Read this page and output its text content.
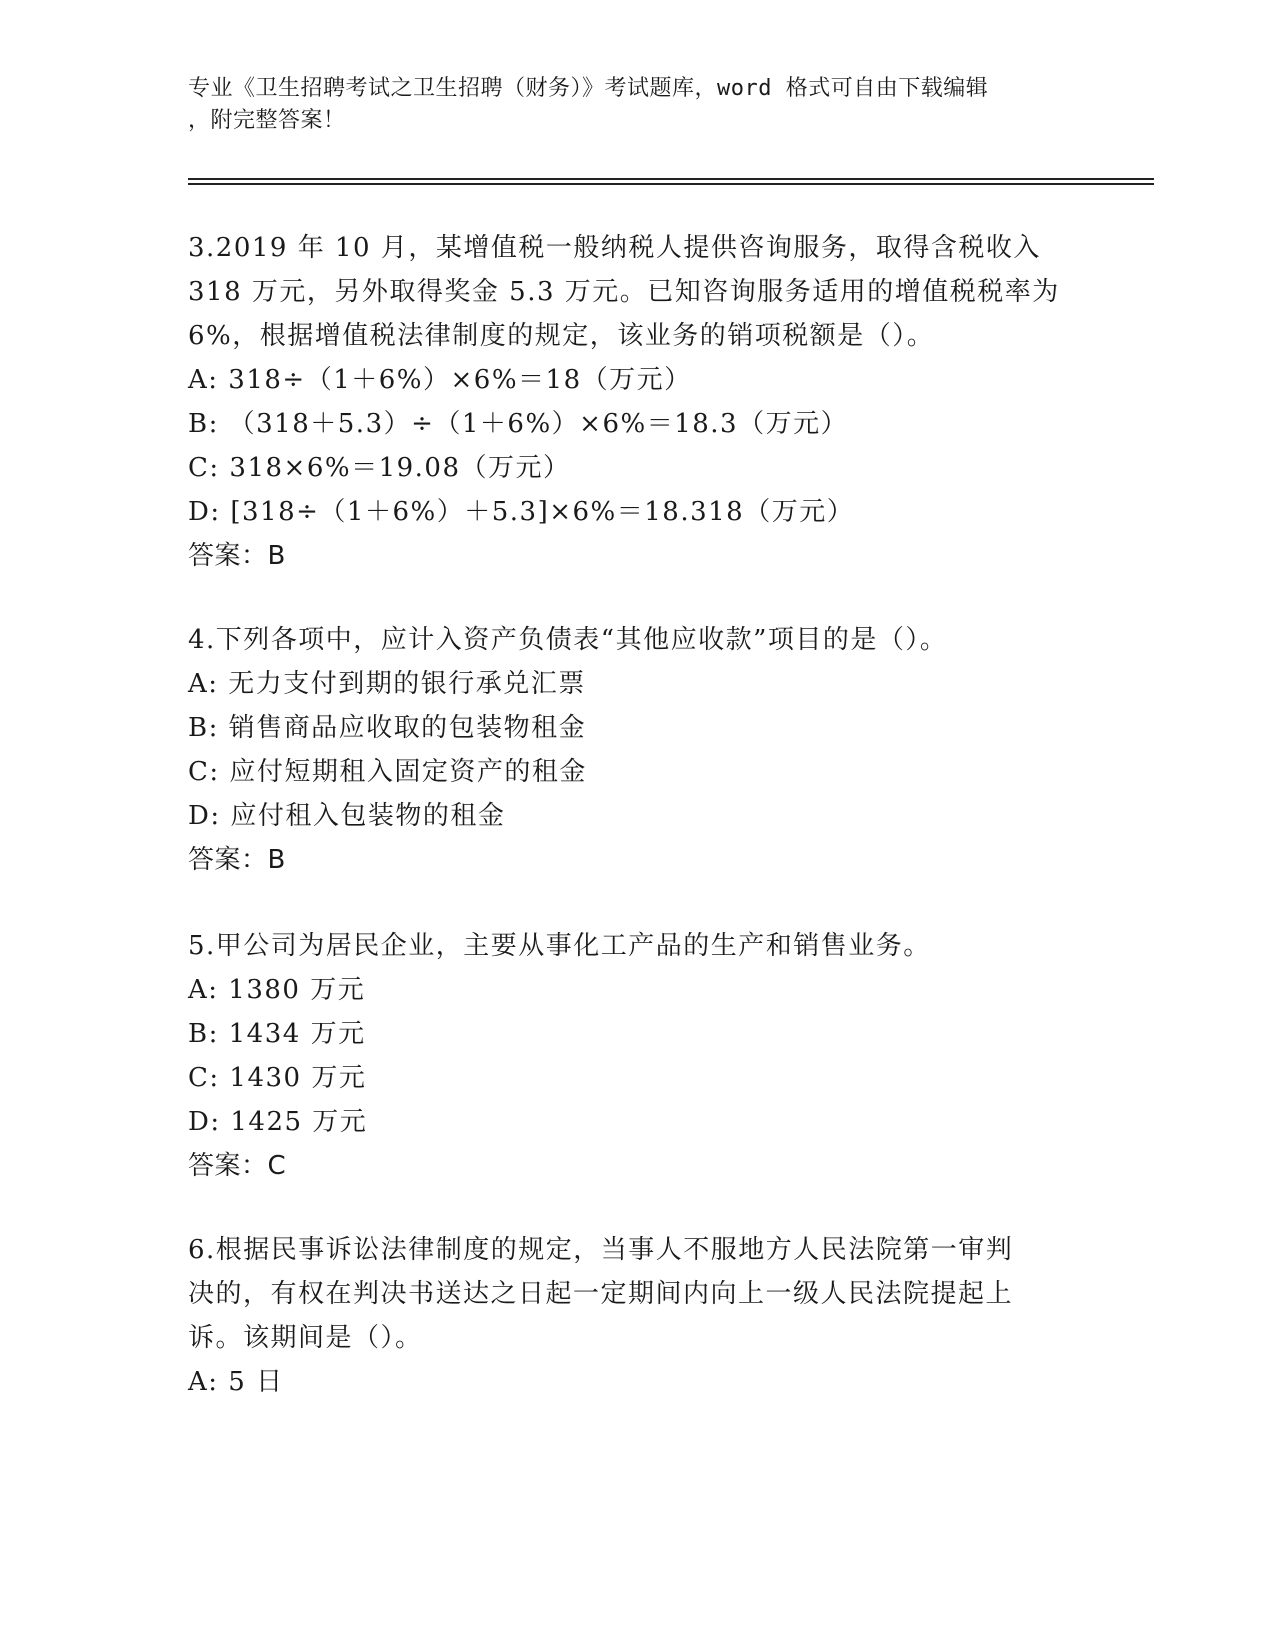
专业《卫生招聘考试之卫生招聘（财务）》考试题库，word 格式可自由下载编辑
，附完整答案！
3.2019 年 10 月，某增值税一般纳税人提供咨询服务，取得含税收入
318 万元，另外取得奖金 5.3 万元。已知咨询服务适用的增值税税率为
6%，根据增值税法律制度的规定，该业务的销项税额是（）。
A: 318÷（1＋6%）×6%＝18（万元）
B: （318＋5.3）÷（1＋6%）×6%＝18.3（万元）
C: 318×6%＝19.08（万元）
D: [318÷（1＋6%）＋5.3]×6%＝18.318（万元）
答案：B
4.下列各项中，应计入资产负债表“其他应收款”项目的是（）。
A: 无力支付到期的银行承兑汇票
B: 销售商品应收取的包装物租金
C: 应付短期租入固定资产的租金
D: 应付租入包装物的租金
答案：B
5.甲公司为居民企业，主要从事化工产品的生产和销售业务。
A: 1380 万元
B: 1434 万元
C: 1430 万元
D: 1425 万元
答案：C
6.根据民事诉讼法律制度的规定，当事人不服地方人民法院第一审判
决的，有权在判决书送达之日起一定期间内向上一级人民法院提起上
诉。该期间是（）。
A: 5 日
